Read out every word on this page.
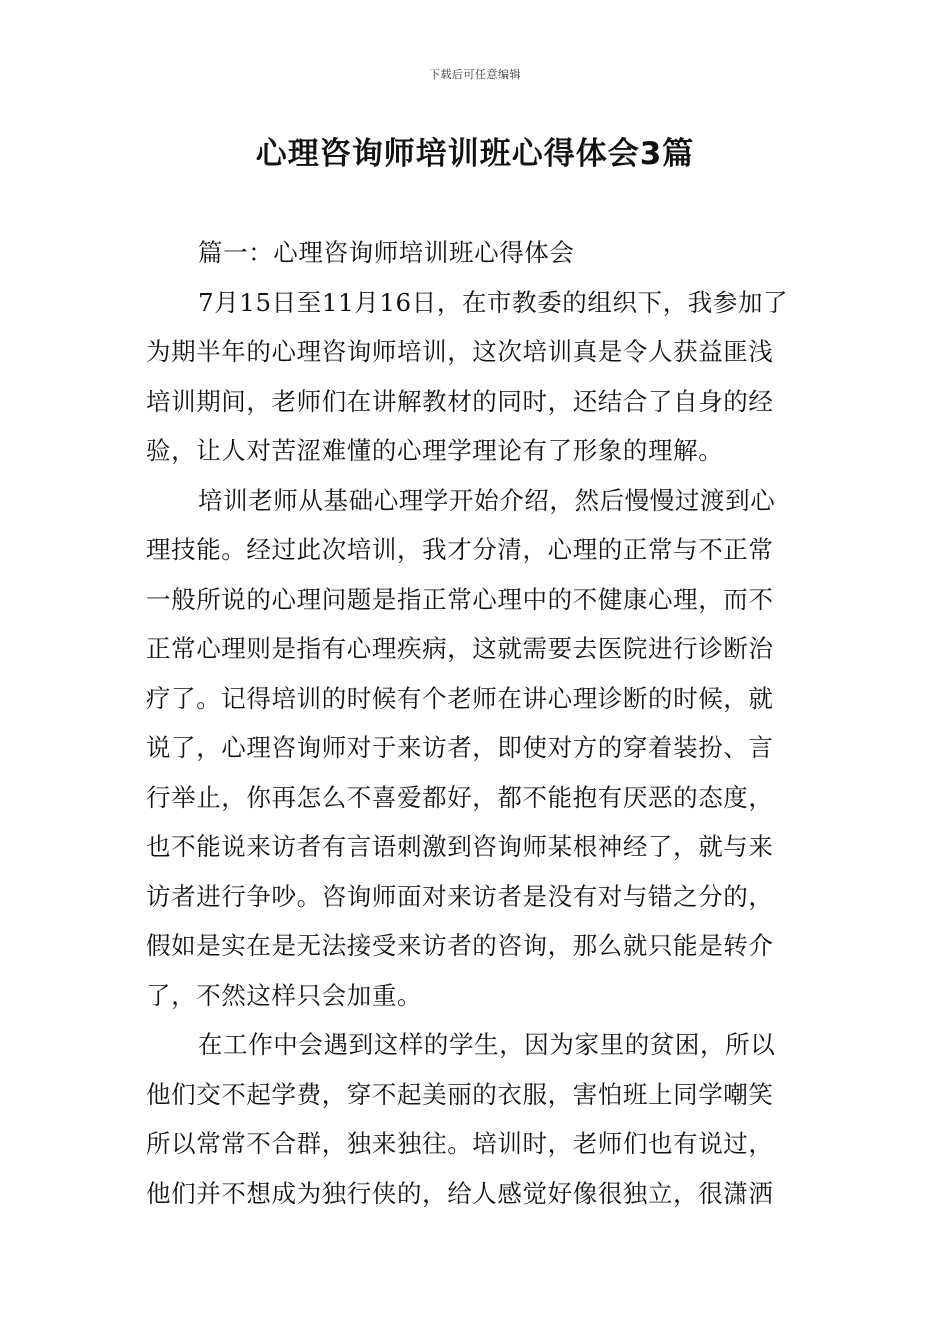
下载后可任意编辑
心理咨询师培训班心得体会3篇
篇一：心理咨询师培训班心得体会
7月15日至11月16日，在市教委的组织下，我参加了
为期半年的心理咨询师培训，这次培训真是令人获益匪浅
培训期间，老师们在讲解教材的同时，还结合了自身的经
验，让人对苦涩难懂的心理学理论有了形象的理解。
培训老师从基础心理学开始介绍，然后慢慢过渡到心
理技能。经过此次培训，我才分清，心理的正常与不正常
一般所说的心理问题是指正常心理中的不健康心理，而不
正常心理则是指有心理疾病，这就需要去医院进行诊断治
疗了。记得培训的时候有个老师在讲心理诊断的时候，就
说了，心理咨询师对于来访者，即使对方的穿着装扮、言
行举止，你再怎么不喜爱都好，都不能抱有厌恶的态度，
也不能说来访者有言语刺激到咨询师某根神经了，就与来
访者进行争吵。咨询师面对来访者是没有对与错之分的，
假如是实在是无法接受来访者的咨询，那么就只能是转介
了，不然这样只会加重。
在工作中会遇到这样的学生，因为家里的贫困，所以
他们交不起学费，穿不起美丽的衣服，害怕班上同学嘲笑
所以常常不合群，独来独往。培训时，老师们也有说过，
他们并不想成为独行侠的，给人感觉好像很独立，很潇洒
